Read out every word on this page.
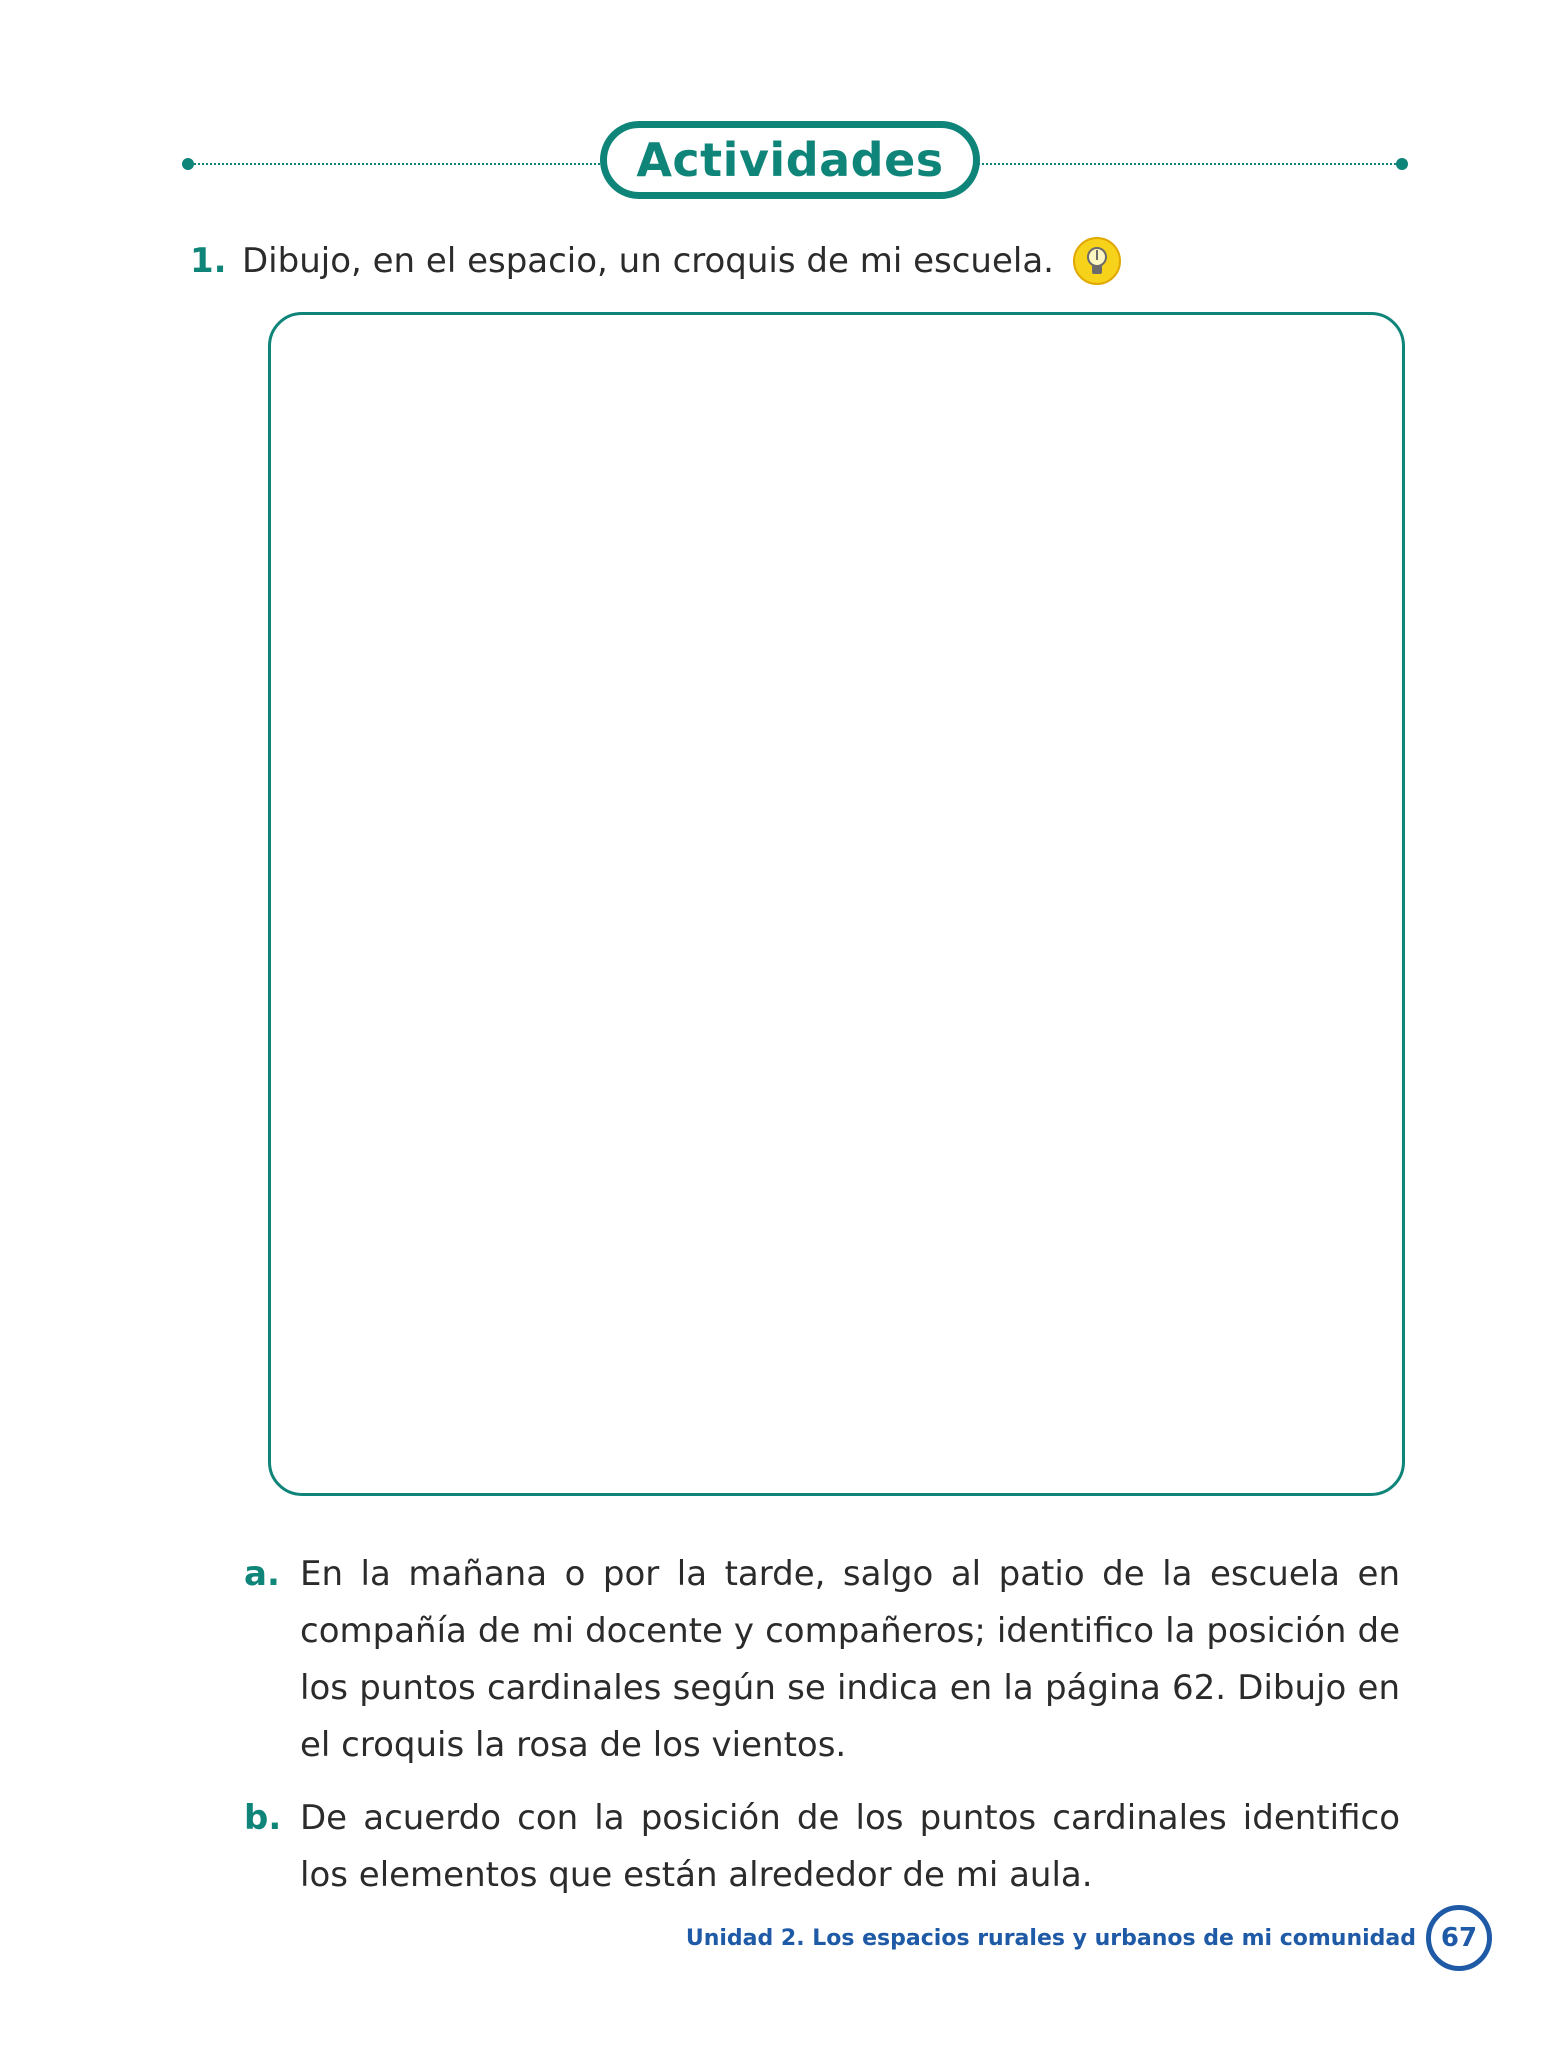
Actividades
1. Dibujo, en el espacio, un croquis de mi escuela.
a. En la mañana o por la tarde, salgo al patio de la escuela en compañía de mi docente y compañeros; identifico la posición de los puntos cardinales según se indica en la página 62. Dibujo en el croquis la rosa de los vientos.
b. De acuerdo con la posición de los puntos cardinales identifico los elementos que están alrededor de mi aula.
Unidad 2. Los espacios rurales y urbanos de mi comunidad 67
